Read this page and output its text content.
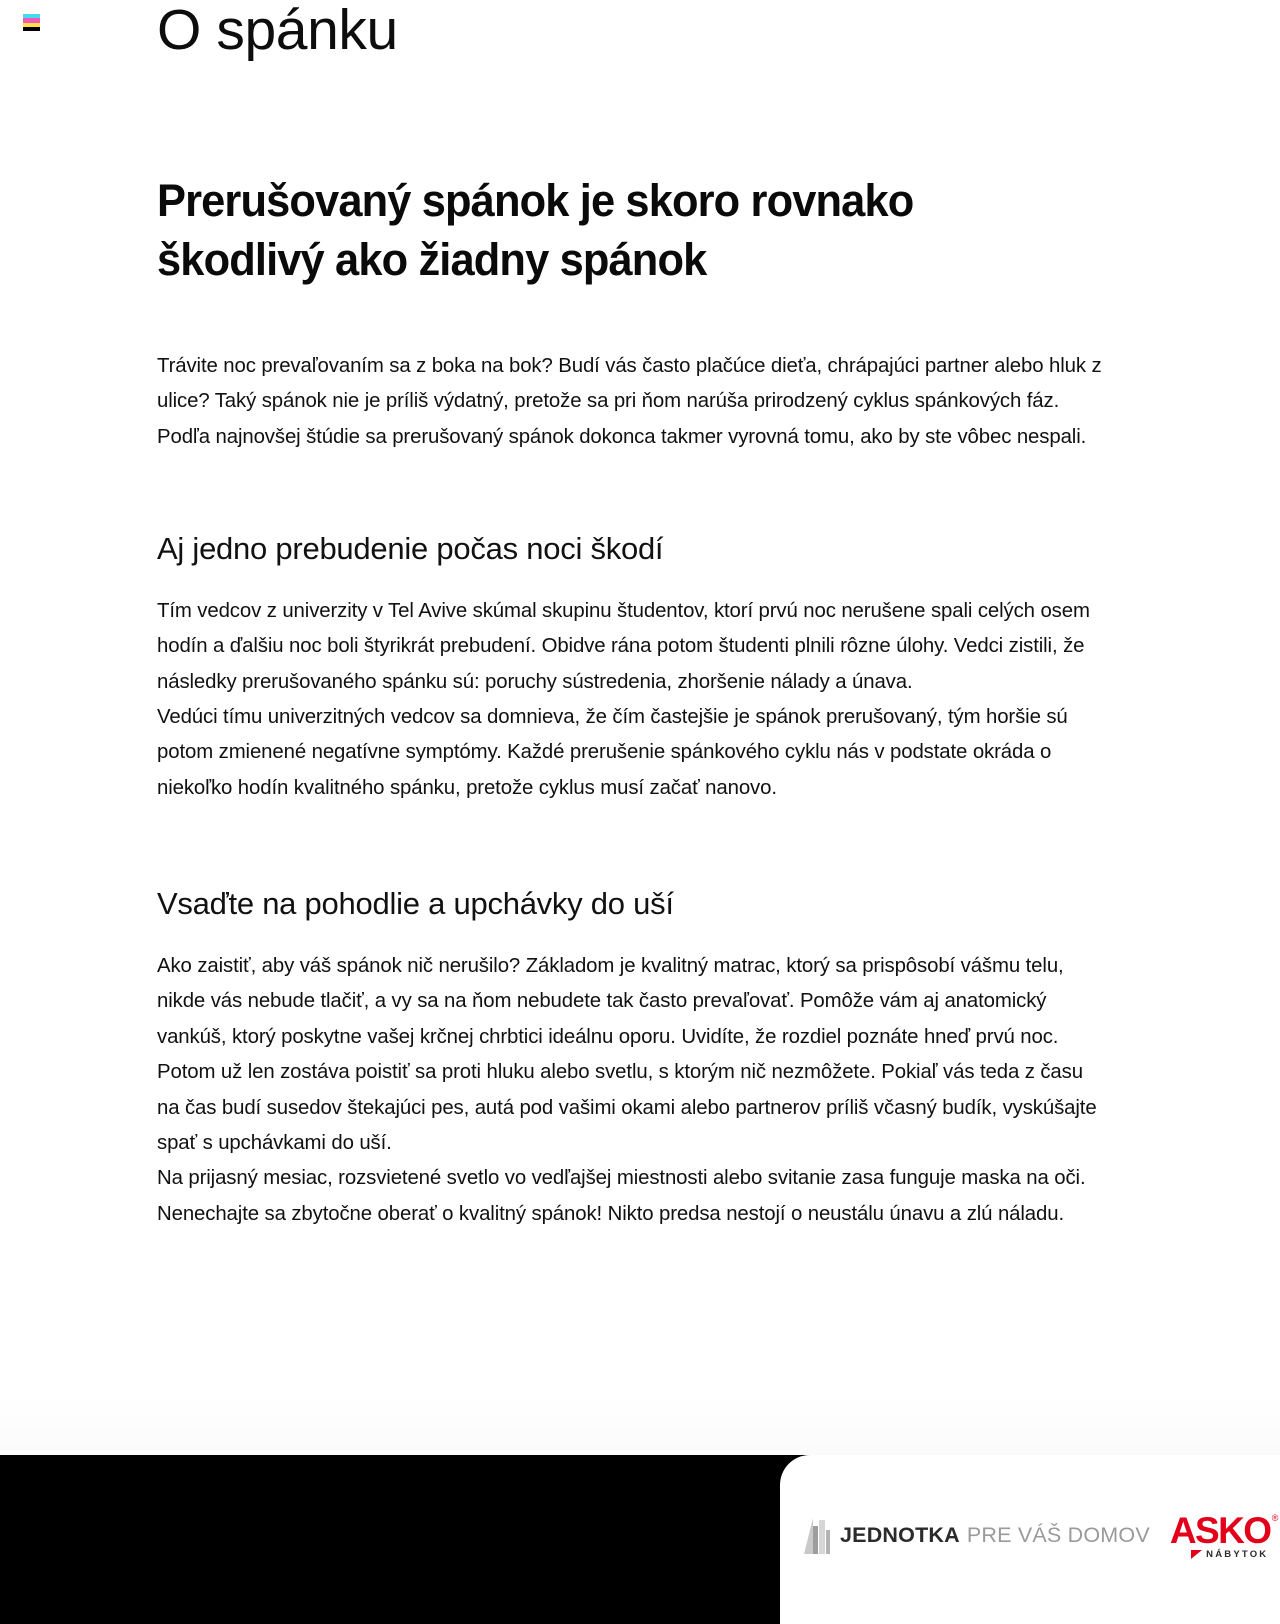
O spánku
Prerušovaný spánok je skoro rovnako škodlivý ako žiadny spánok

Trávite noc prevaľovaním sa z boka na bok? Budí vás často plačúce dieťa, chrápajúci partner alebo hluk z ulice? Taký spánok nie je príliš výdatný, pretože sa pri ňom narúša prirodzený cyklus spánkových fáz. Podľa najnovšej štúdie sa prerušovaný spánok dokonca takmer vyrovná tomu, ako by ste vôbec nespali.

Aj jedno prebudenie počas noci škodí

Tím vedcov z univerzity v Tel Avive skúmal skupinu študentov, ktorí prvú noc nerušene spali celých osem hodín a ďalšiu noc boli štyrikrát prebudení. Obidve rána potom študenti plnili rôzne úlohy. Vedci zistili, že následky prerušovaného spánku sú: poruchy sústredenia, zhoršenie nálady a únava.

Vedúci tímu univerzitných vedcov sa domnieva, že čím častejšie je spánok prerušovaný, tým horšie sú potom zmienené negatívne symptómy. Každé prerušenie spánkového cyklu nás v podstate okráda o niekoľko hodín kvalitného spánku, pretože cyklus musí začať nanovo.

Vsaďte na pohodlie a upchávky do uší

Ako zaistiť, aby váš spánok nič nerušilo? Základom je kvalitný matrac, ktorý sa prispôsobí vášmu telu, nikde vás nebude tlačiť, a vy sa na ňom nebudete tak často prevaľovať. Pomôže vám aj anatomický vankúš, ktorý poskytne vašej krčnej chrbtici ideálnu oporu. Uvidíte, že rozdiel poznáte hneď prvú noc.

Potom už len zostáva poistiť sa proti hluku alebo svetlu, s ktorým nič nezmôžete. Pokiaľ vás teda z času na čas budí susedov štekajúci pes, autá pod vašimi okami alebo partnerov príliš včasný budík, vyskúšajte spať s upchávkami do uší.

Na prijasný mesiac, rozsvietené svetlo vo vedľajšej miestnosti alebo svitanie zasa funguje maska na oči. Nenechajte sa zbytočne oberať o kvalitný spánok! Nikto predsa nestojí o neustálu únavu a zlú náladu.

JEDNOTKA PRE VÁŠ DOMOV ASKO ®
NÁBYTOK
